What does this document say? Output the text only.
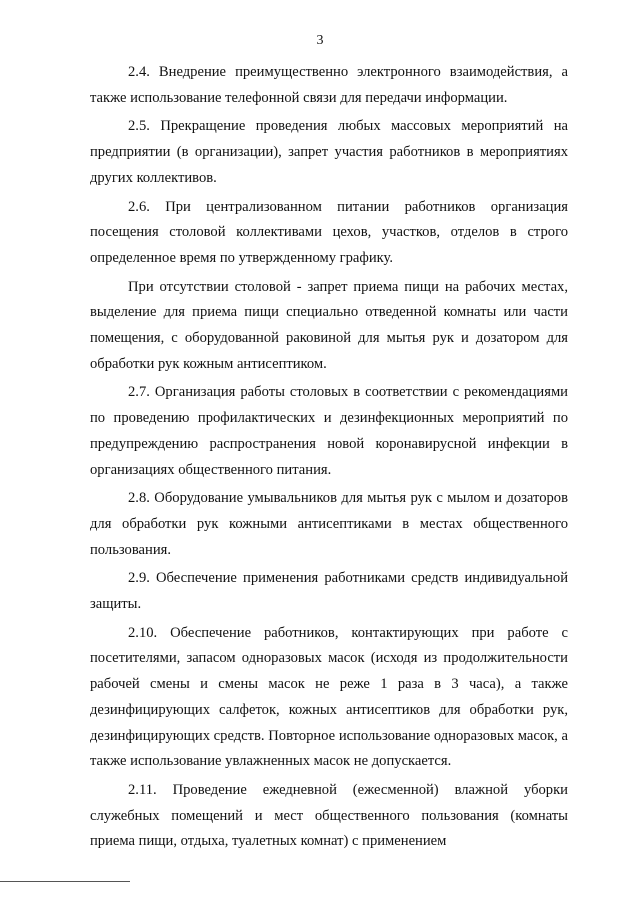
3

2.4. Внедрение преимущественно электронного взаимодействия, а также использование телефонной связи для передачи информации.

2.5. Прекращение проведения любых массовых мероприятий на предприятии (в организации), запрет участия работников в мероприятиях других коллективов.

2.6. При централизованном питании работников организация посещения столовой коллективами цехов, участков, отделов в строго определенное время по утвержденному графику.

При отсутствии столовой - запрет приема пищи на рабочих местах, выделение для приема пищи специально отведенной комнаты или части помещения, с оборудованной раковиной для мытья рук и дозатором для обработки рук кожным антисептиком.

2.7. Организация работы столовых в соответствии с рекомендациями по проведению профилактических и дезинфекционных мероприятий по предупреждению распространения новой коронавирусной инфекции в организациях общественного питания.

2.8. Оборудование умывальников для мытья рук с мылом и дозаторов для обработки рук кожными антисептиками в местах общественного пользования.

2.9. Обеспечение применения работниками средств индивидуальной защиты.

2.10. Обеспечение работников, контактирующих при работе с посетителями, запасом одноразовых масок (исходя из продолжительности рабочей смены и смены масок не реже 1 раза в 3 часа), а также дезинфицирующих салфеток, кожных антисептиков для обработки рук, дезинфицирующих средств. Повторное использование одноразовых масок, а также использование увлажненных масок не допускается.

2.11. Проведение ежедневной (ежесменной) влажной уборки служебных помещений и мест общественного пользования (комнаты приема пищи, отдыха, туалетных комнат) с применением
